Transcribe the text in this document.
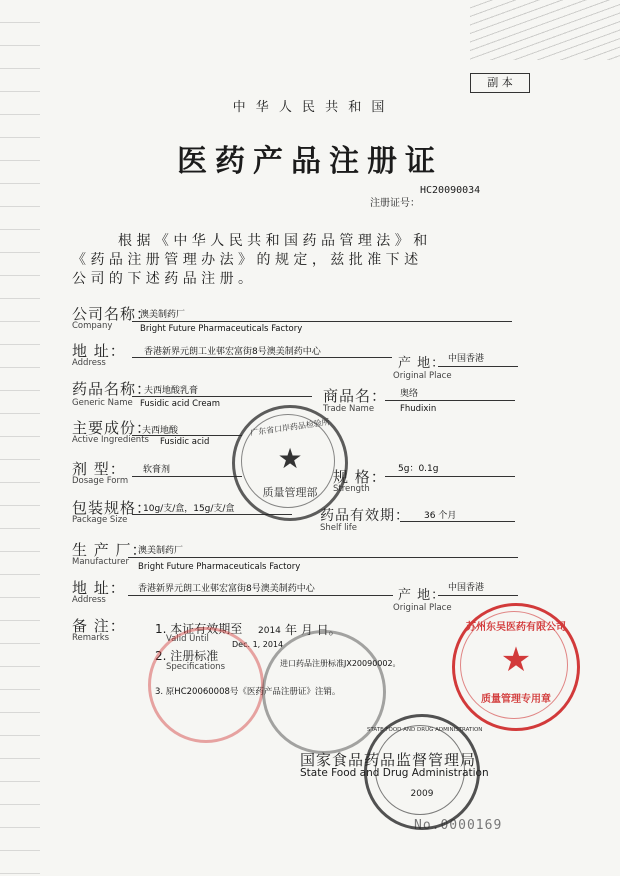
副 本
中 华 人 民 共 和 国
医药产品注册证
HC20090034
注册证号：
根 据 《 中 华 人 民 共 和 国 药 品 管 理 法 》 和
《 药 品 注 册 管 理 办 法 》 的 规 定 ， 兹 批 准 下 述
公 司 的 下 述 药 品 注 册 。
公司名称：
Company
澳美制药厂
Bright Future Pharmaceuticals Factory
地 址：
Address
香港新界元朗工业邨宏富街8号澳美制药中心
产 地： 中国香港
Original Place
药品名称：
Generic Name
夫西地酸乳膏
Fusidic acid Cream	商品名：
Trade Name
奥络
Fhudixin
主要成份：
Active Ingredients
夫西地酸
Fusidic acid
剂 型：
Dosage Form
软膏剂	规 格：
Strength
5g：0.1g
包装规格：
Package Size
10g/支/盒，15g/支/盒	药品有效期：
Shelf life
36 个月
生 产 厂：
Manufacturer
澳美制药厂
Bright Future Pharmaceuticals Factory
地 址：
Address
香港新界元朗工业邨宏富街8号澳美制药中心	产 地： 中国香港
Original Place
备 注：
Remarks
1. 本证有效期至 2014 年 月 日。
Valid Until
Dec. 1, 2014
2. 注册标准
Specifications	进口药品注册标准JX20090002。
3. 原HC20060008号《医药产品注册证》注销。
国家食品药品监督管理局
State Food and Drug Administration
No.0000169
广东省口岸药品检验所
★
质量管理部
苏州东吴医药有限公司
★
质量管理专用章
STATE FOOD AND DRUG ADMINISTRATION
2009
